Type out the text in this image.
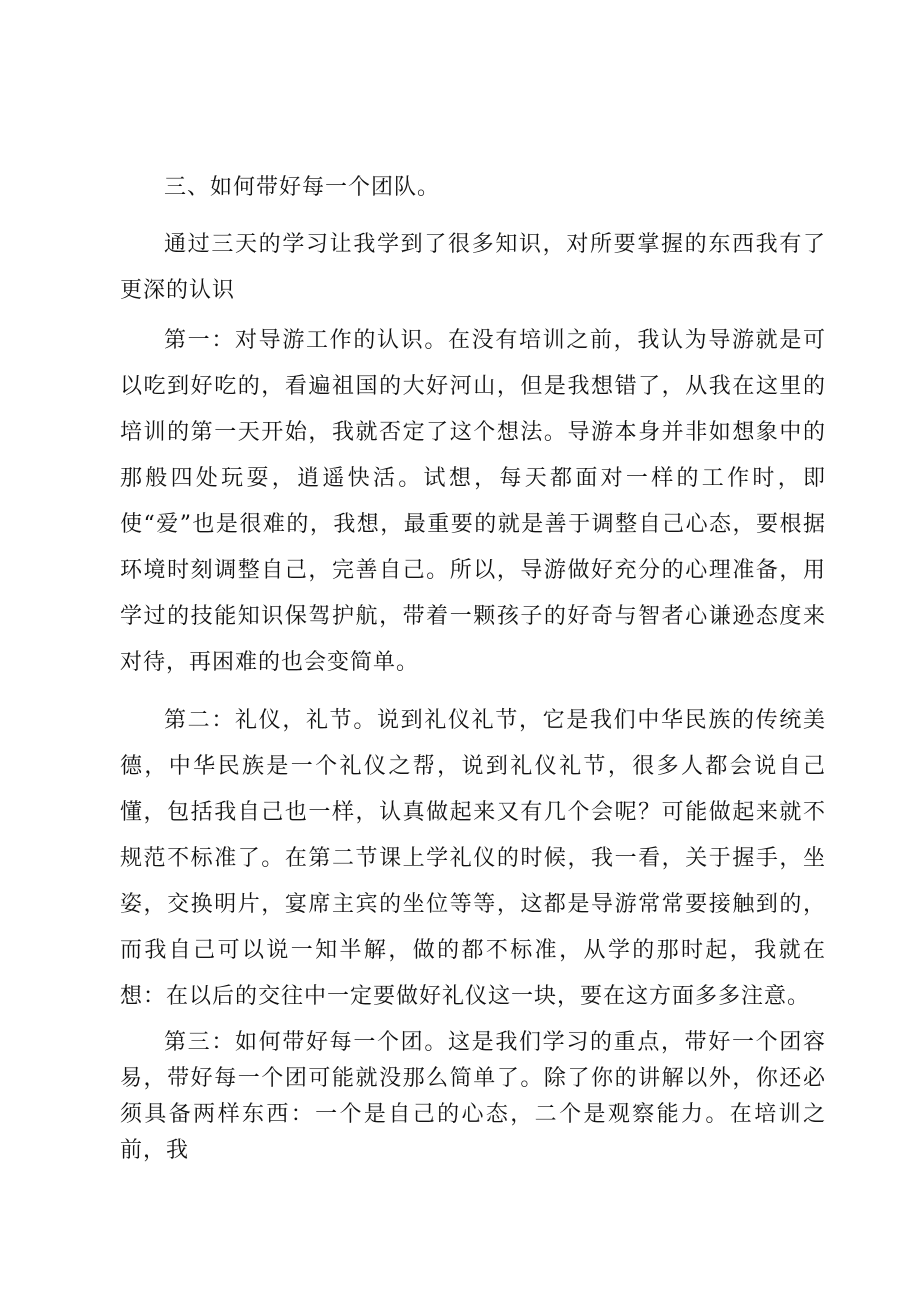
三、如何带好每一个团队。

通过三天的学习让我学到了很多知识，对所要掌握的东西我有了更深的认识

第一：对导游工作的认识。在没有培训之前，我认为导游就是可以吃到好吃的，看遍祖国的大好河山，但是我想错了，从我在这里的培训的第一天开始，我就否定了这个想法。导游本身并非如想象中的那般四处玩耍，逍遥快活。试想，每天都面对一样的工作时，即使“爱”也是很难的，我想，最重要的就是善于调整自己心态，要根据环境时刻调整自己，完善自己。所以，导游做好充分的心理准备，用学过的技能知识保驾护航，带着一颗孩子的好奇与智者心谦逊态度来对待，再困难的也会变简单。

第二：礼仪，礼节。说到礼仪礼节，它是我们中华民族的传统美德，中华民族是一个礼仪之帮，说到礼仪礼节，很多人都会说自己懂，包括我自己也一样，认真做起来又有几个会呢？可能做起来就不规范不标准了。在第二节课上学礼仪的时候，我一看，关于握手，坐姿，交换明片，宴席主宾的坐位等等，这都是导游常常要接触到的，而我自己可以说一知半解，做的都不标准，从学的那时起，我就在想：在以后的交往中一定要做好礼仪这一块，要在这方面多多注意。

第三：如何带好每一个团。这是我们学习的重点，带好一个团容易，带好每一个团可能就没那么简单了。除了你的讲解以外，你还必须具备两样东西：一个是自己的心态，二个是观察能力。在培训之前，我
